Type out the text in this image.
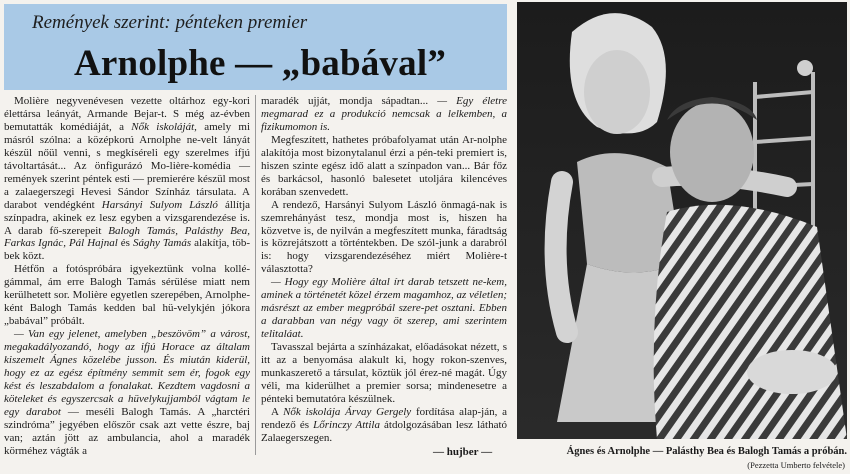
Remények szerint: pénteken premier
Arnolphe — „babával”

Molière negyvenévesen vezette oltárhoz egy-kori élettársa leányát, Armande Bejar-t. S még az-évben bemutatták komédiáját, a Nők iskoláját, amely mi másról szólna: a középkorú Arnolphe ne-velt lányát készül nőül venni, s megkíséreli egy szerelmes ifjú távoltartását... Az önfigurázó Mo-lière-komédia — remények szerint péntek esti — premierére készül most a zalaegerszegi Hevesi Sándor Színház társulata. A darabot vendégként Harsányi Sulyom László állítja színpadra, akinek ez lesz egyben a vizsgarendezése is. A darab fő-szerepeit Balogh Tamás, Palásthy Bea, Farkas Ignác, Pál Hajnal és Sághy Tamás alakítja, töb-bek közt.

Hétfőn a fotóspróbára igyekeztünk volna kollé-gámmal, ám erre Balogh Tamás sérülése miatt nem kerülhetett sor. Molière egyetlen szerepében, Arnolphe-ként Balogh Tamás kedden bal hü-velykjén jókora „babával” próbált.

— Van egy jelenet, amelyben „beszövöm” a várost, megakadályozandó, hogy az ifjú Horace az általam kiszemelt Ágnes közelébe jusson. És miután kiderül, hogy ez az egész építmény semmit sem ér, fogok egy kést és leszabdalom a fonalakat. Kezdtem vagdosni a köteleket és egyszercsak a hüvelykujjamból vágtam le egy darabot — meséli Balogh Tamás. A „harctéri szindróma” jegyében először csak azt vette észre, baj van; aztán jött az ambulancia, ahol a maradék körméhez vágták a

maradék ujját, mondja sápadtan... — Egy életre megmarad ez a produkció nemcsak a lelkemben, a fizikumomon is.

Megfeszített, hathetes próbafolyamat után Ar-nolphe alakítója most bizonytalanul érzi a pén-teki premiert is, hiszen szinte egész idő alatt a színpadon van... Bár főz és barkácsol, hasonló balesetet utoljára kilencéves korában szenvedett.

A rendező, Harsányi Sulyom László önmagá-nak is szemrehányást tesz, mondja most is, hiszen ha közvetve is, de nyilván a megfeszített munka, fáradtság is közrejátszott a történtekben. De szól-junk a darabról is: hogy vizsgarendezéséhez miért Molière-t választotta?

— Hogy egy Molière által írt darab tetszett ne-kem, aminek a történetét közel érzem magamhoz, az véletlen; másrészt az ember megpróbál szere-pet osztani. Ebben a darabban van négy vagy öt szerep, ami szerintem telitaláat.

Tavasszal bejárta a színházakat, előadásokat nézett, s itt az a benyomása alakult ki, hogy rokon-szenves, munkaszerető a társulat, köztük jól érez-né magát. Úgy véli, ma kiderülhet a premier sorsa; mindenesetre a pénteki bemutatóra készülnek.

A Nők iskolája Árvay Gergely fordítása alap-ján, a rendező és Lőrinczy Attila átdolgozásában lesz látható Zalaegerszegen.

— hujber —	Ágnes és Arnolphe — Palásthy Bea és Balogh Tamás a próbán.
(Pezzetta Umberto felvétele)
